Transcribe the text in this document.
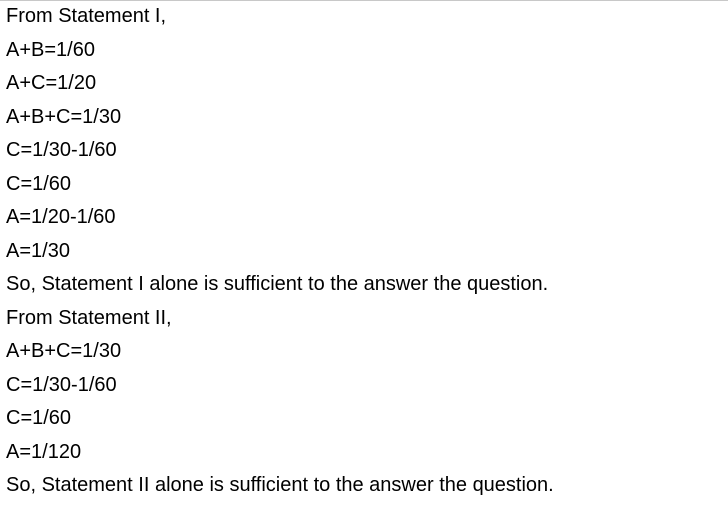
From Statement I,
A+B=1/60
A+C=1/20
A+B+C=1/30
C=1/30-1/60
C=1/60
A=1/20-1/60
A=1/30
So, Statement I alone is sufficient to the answer the question.
From Statement II,
A+B+C=1/30
C=1/30-1/60
C=1/60
A=1/120
So, Statement II alone is sufficient to the answer the question.
